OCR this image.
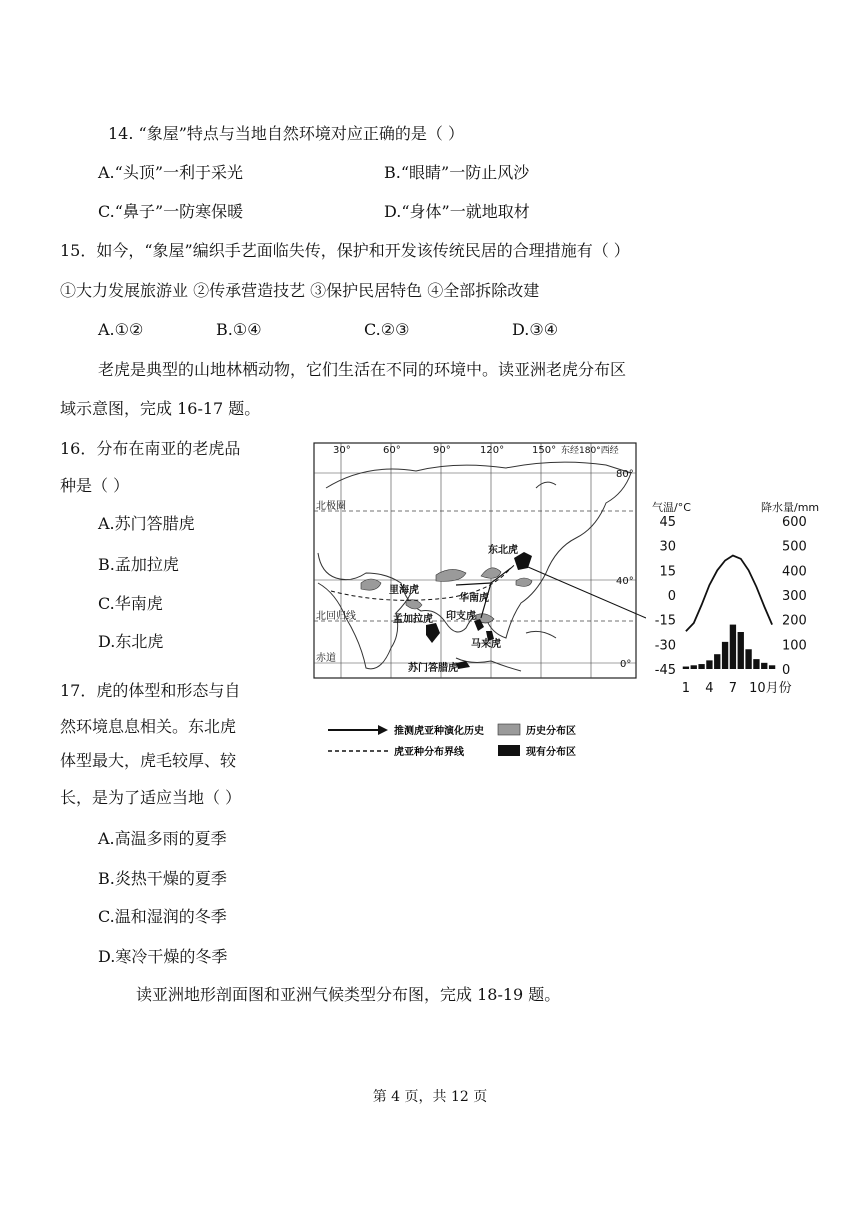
14. “象屋”特点与当地自然环境对应正确的是（ ）
A.“头顶”一利于采光	B.“眼睛”一防止风沙
C.“鼻子”一防寒保暖	D.“身体”一就地取材
15．如今，“象屋”编织手艺面临失传，保护和开发该传统民居的合理措施有（ ）
①大力发展旅游业 ②传承营造技艺 ③保护民居特色 ④全部拆除改建
A.①②	B.①④	C.②③	D.③④
老虎是典型的山地林栖动物，它们生活在不同的环境中。读亚洲老虎分布区
域示意图，完成 16-17 题。
16．分布在南亚的老虎品
种是（ ）
A.苏门答腊虎
B.孟加拉虎
C.华南虎
D.东北虎
17．虎的体型和形态与自
然环境息息相关。东北虎
体型最大，虎毛较厚、较
长，是为了适应当地（ ）
A.高温多雨的夏季
B.炎热干燥的夏季
C.温和湿润的冬季
D.寒冷干燥的冬季
读亚洲地形剖面图和亚洲气候类型分布图，完成 18-19 题。
30°	60°	90°	120°	150° 东经180°西经
80°
40°
0°
北极圈
北回归线
赤道
东北虎
里海虎
华南虎
孟加拉虎 印支虎
马来虎
苏门答腊虎
推测虎亚种演化历史
虎亚种分布界线
历史分布区
现有分布区
气温/°C	降水量/mm
45
30
15
0
-15
-30
-45
600
500
400
300
200
100
0
1 4 7 10月份
第 4 页，共 12 页
